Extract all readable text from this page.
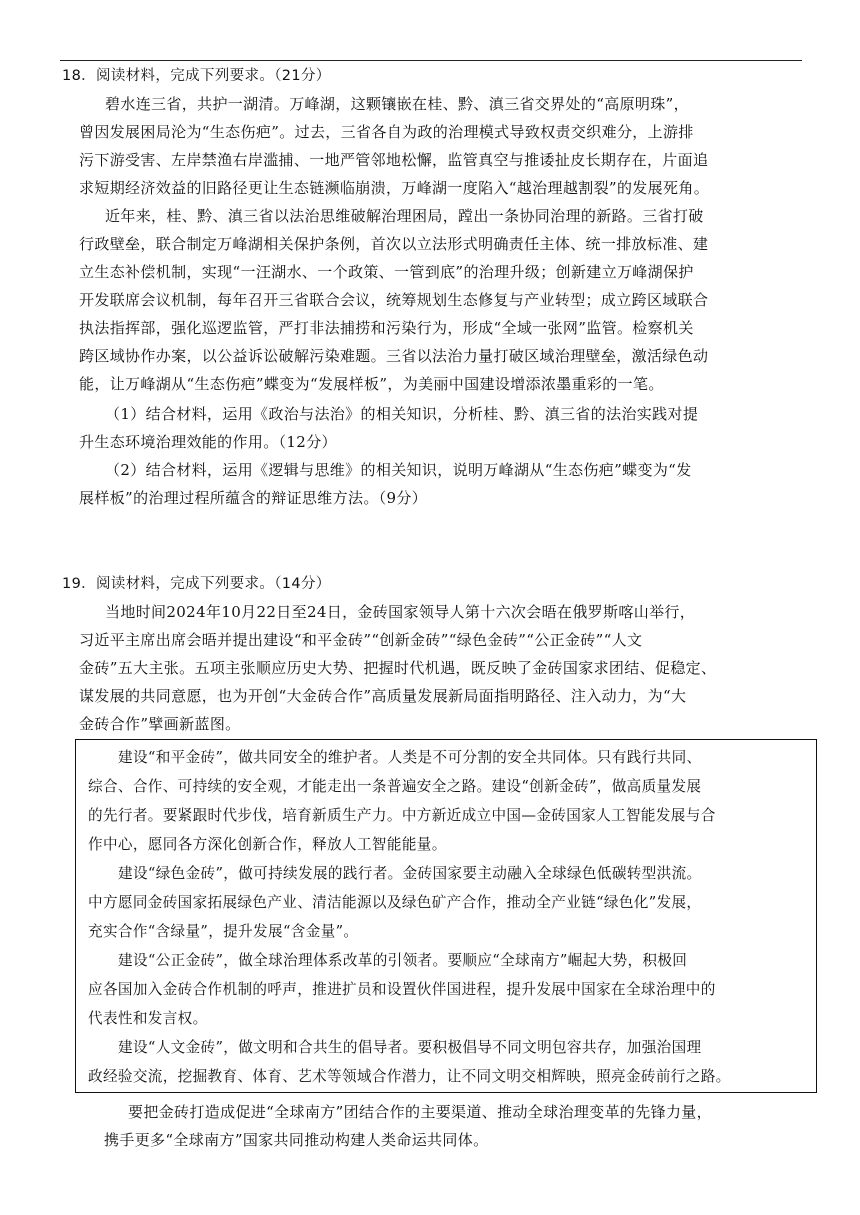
18．阅读材料，完成下列要求。（21分）
碧水连三省，共护一湖清。万峰湖，这颗镶嵌在桂、黔、滇三省交界处的“高原明珠”，
曾因发展困局沦为“生态伤疤”。过去，三省各自为政的治理模式导致权责交织难分，上游排
污下游受害、左岸禁渔右岸滥捕、一地严管邻地松懈，监管真空与推诿扯皮长期存在，片面追
求短期经济效益的旧路径更让生态链濒临崩溃，万峰湖一度陷入“越治理越割裂”的发展死角。
近年来，桂、黔、滇三省以法治思维破解治理困局，蹚出一条协同治理的新路。三省打破
行政壁垒，联合制定万峰湖相关保护条例，首次以立法形式明确责任主体、统一排放标准、建
立生态补偿机制，实现“一汪湖水、一个政策、一管到底”的治理升级；创新建立万峰湖保护
开发联席会议机制，每年召开三省联合会议，统筹规划生态修复与产业转型；成立跨区域联合
执法指挥部，强化巡逻监管，严打非法捕捞和污染行为，形成“全域一张网”监管。检察机关
跨区域协作办案，以公益诉讼破解污染难题。三省以法治力量打破区域治理壁垒，激活绿色动
能，让万峰湖从“生态伤疤”蝶变为“发展样板”，为美丽中国建设增添浓墨重彩的一笔。
（1）结合材料，运用《政治与法治》的相关知识，分析桂、黔、滇三省的法治实践对提
升生态环境治理效能的作用。（12分）
（2）结合材料，运用《逻辑与思维》的相关知识，说明万峰湖从“生态伤疤”蝶变为“发
展样板”的治理过程所蕴含的辩证思维方法。（9分）
19．阅读材料，完成下列要求。（14分）
当地时间2024年10月22日至24日，金砖国家领导人第十六次会晤在俄罗斯喀山举行，
习近平主席出席会晤并提出建设“和平金砖”“创新金砖”“绿色金砖”“公正金砖”“人文
金砖”五大主张。五项主张顺应历史大势、把握时代机遇，既反映了金砖国家求团结、促稳定、
谋发展的共同意愿，也为开创“大金砖合作”高质量发展新局面指明路径、注入动力，为“大
金砖合作”擘画新蓝图。
建设“和平金砖”，做共同安全的维护者。人类是不可分割的安全共同体。只有践行共同、
综合、合作、可持续的安全观，才能走出一条普遍安全之路。建设“创新金砖”，做高质量发展
的先行者。要紧跟时代步伐，培育新质生产力。中方新近成立中国—金砖国家人工智能发展与合
作中心，愿同各方深化创新合作，释放人工智能能量。
建设“绿色金砖”，做可持续发展的践行者。金砖国家要主动融入全球绿色低碳转型洪流。
中方愿同金砖国家拓展绿色产业、清洁能源以及绿色矿产合作，推动全产业链“绿色化”发展，
充实合作“含绿量”，提升发展“含金量”。
建设“公正金砖”，做全球治理体系改革的引领者。要顺应“全球南方”崛起大势，积极回
应各国加入金砖合作机制的呼声，推进扩员和设置伙伴国进程，提升发展中国家在全球治理中的
代表性和发言权。
建设“人文金砖”，做文明和合共生的倡导者。要积极倡导不同文明包容共存，加强治国理
政经验交流，挖掘教育、体育、艺术等领域合作潜力，让不同文明交相辉映，照亮金砖前行之路。
要把金砖打造成促进“全球南方”团结合作的主要渠道、推动全球治理变革的先锋力量，
携手更多“全球南方”国家共同推动构建人类命运共同体。
